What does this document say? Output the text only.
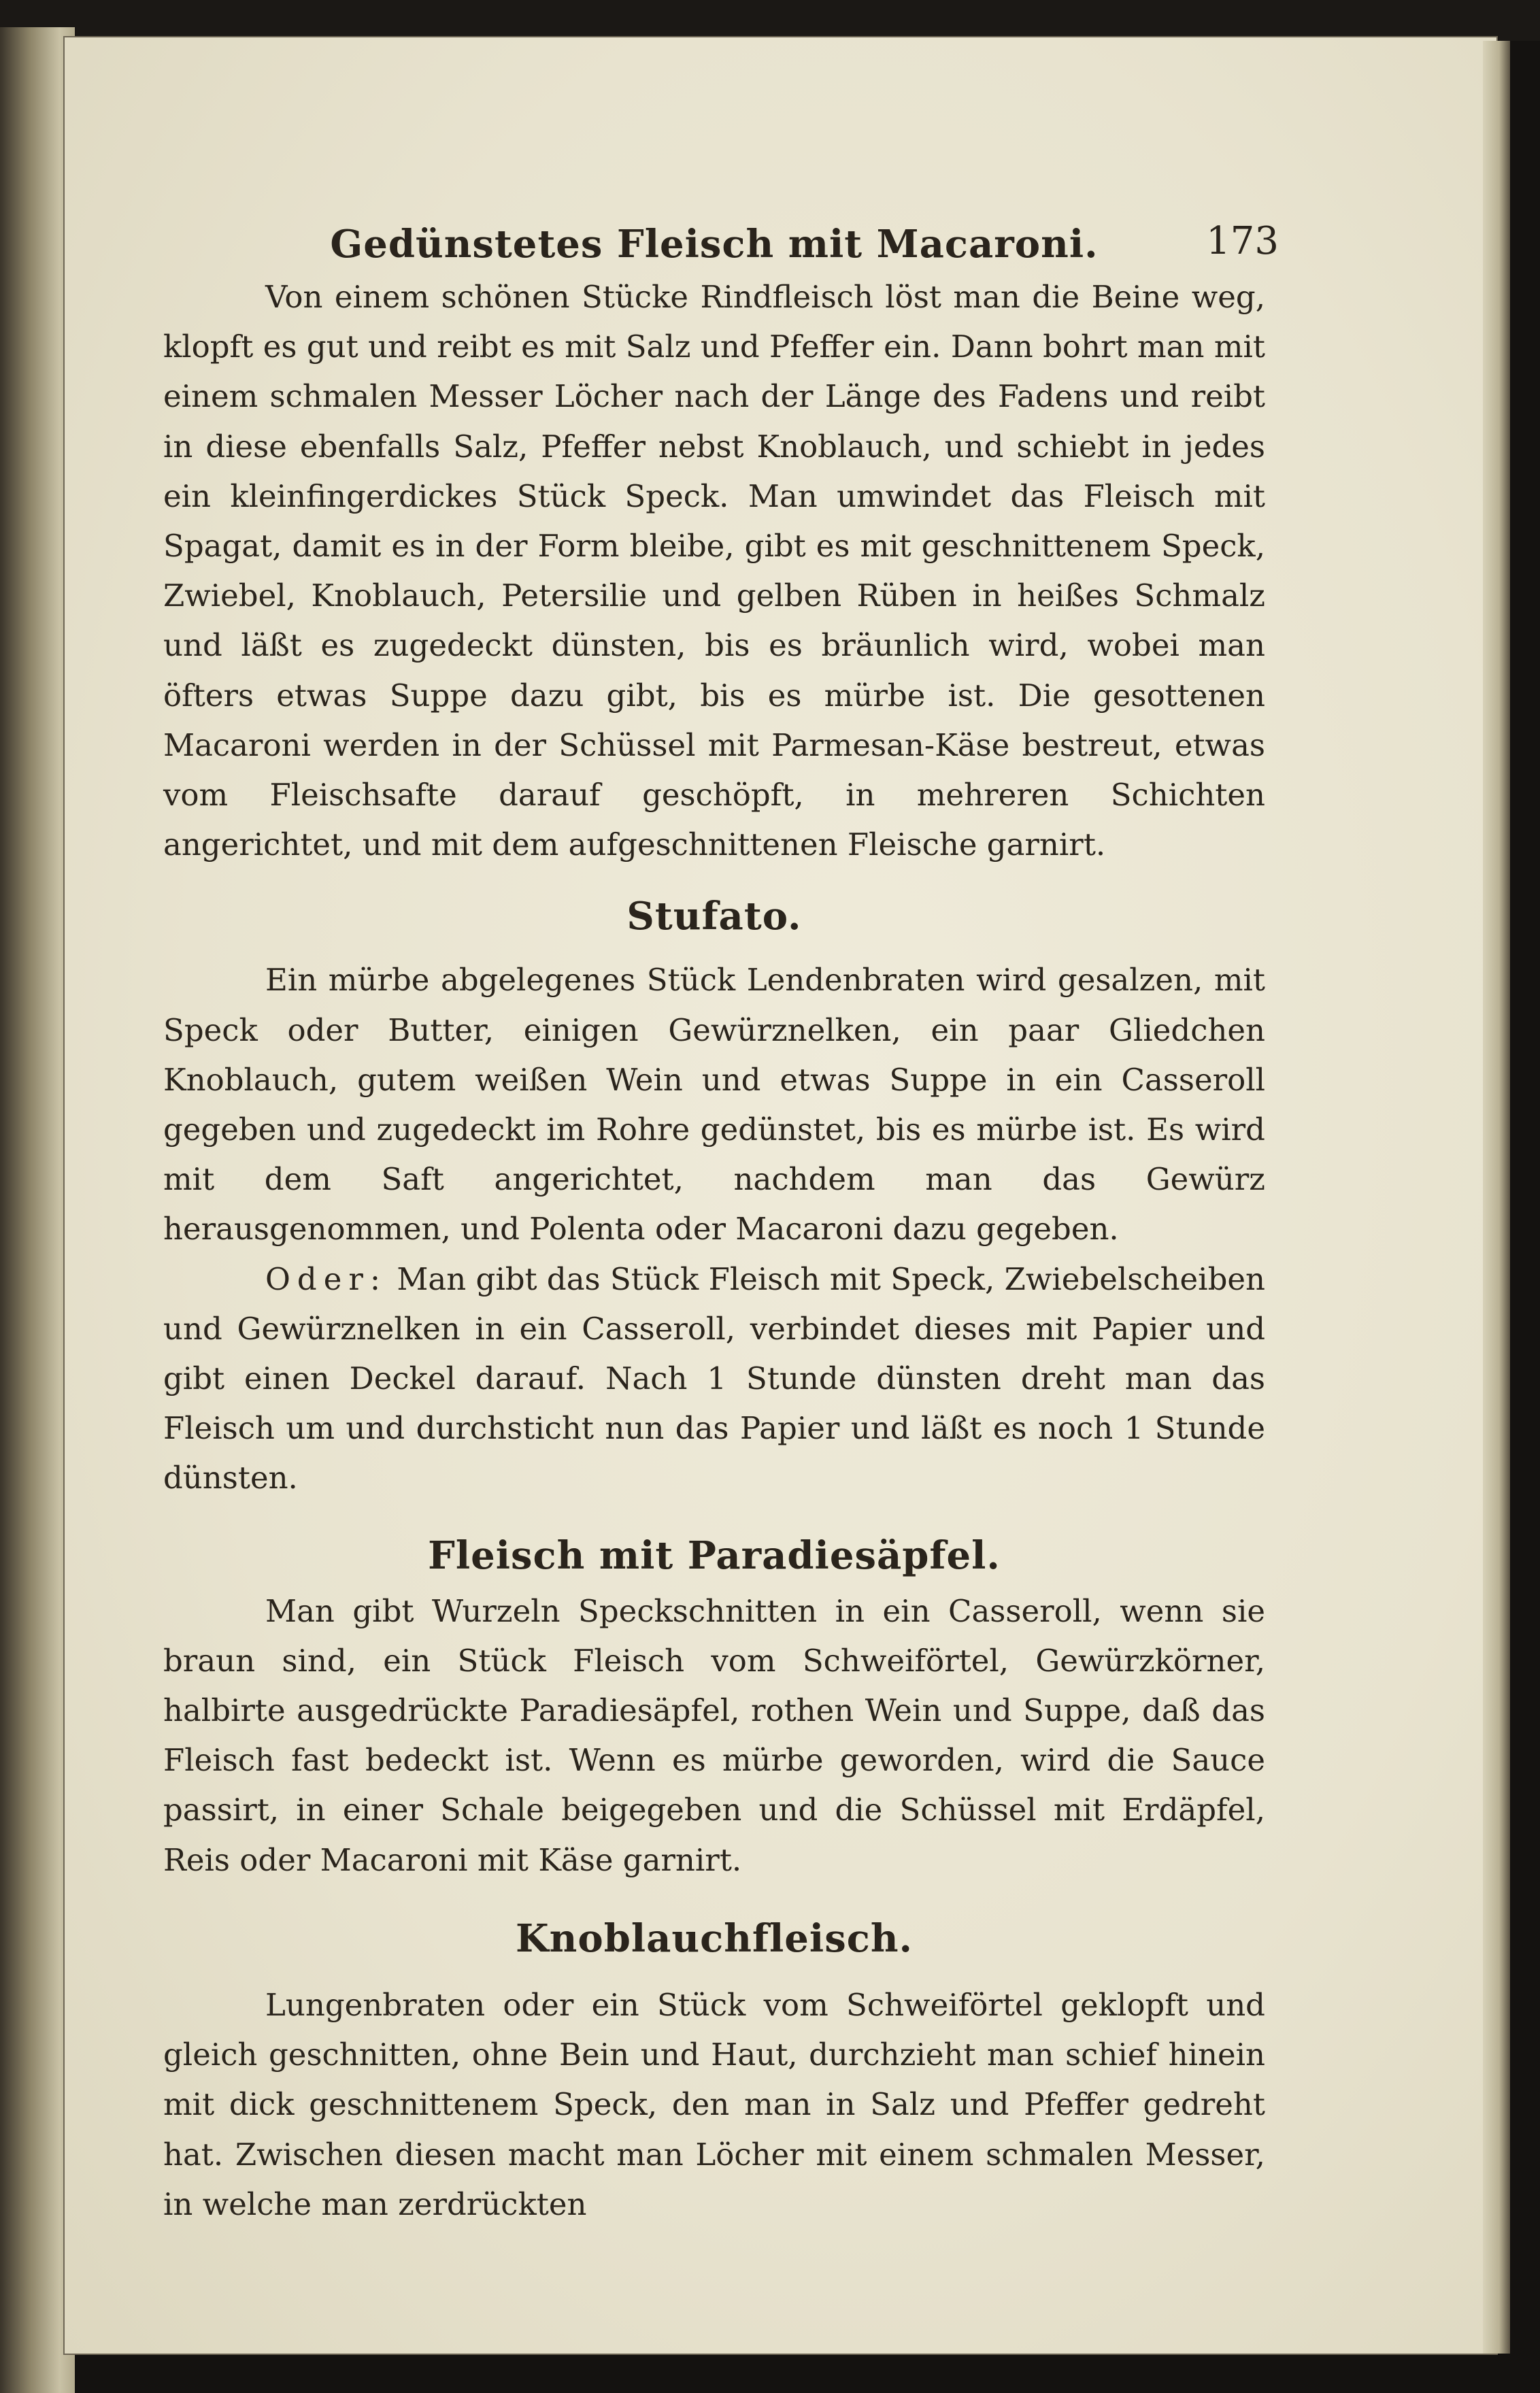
173
Gedünstetes Fleisch mit Macaroni.

Von einem schönen Stücke Rindfleisch löst man die Beine weg, klopft es gut und reibt es mit Salz und Pfeffer ein. Dann bohrt man mit einem schmalen Messer Löcher nach der Länge des Fadens und reibt in diese ebenfalls Salz, Pfeffer nebst Knoblauch, und schiebt in jedes ein kleinfingerdickes Stück Speck. Man umwindet das Fleisch mit Spagat, damit es in der Form bleibe, gibt es mit geschnittenem Speck, Zwiebel, Knoblauch, Petersilie und gelben Rüben in heißes Schmalz und läßt es zugedeckt dünsten, bis es bräunlich wird, wobei man öfters etwas Suppe dazu gibt, bis es mürbe ist. Die gesottenen Macaroni werden in der Schüssel mit Parmesan-Käse bestreut, etwas vom Fleischsafte darauf geschöpft, in mehreren Schichten angerichtet, und mit dem aufgeschnittenen Fleische garnirt.

Stufato.

Ein mürbe abgelegenes Stück Lendenbraten wird gesalzen, mit Speck oder Butter, einigen Gewürznelken, ein paar Gliedchen Knoblauch, gutem weißen Wein und etwas Suppe in ein Casseroll gegeben und zugedeckt im Rohre gedünstet, bis es mürbe ist. Es wird mit dem Saft angerichtet, nachdem man das Gewürz herausgenommen, und Polenta oder Macaroni dazu gegeben.

Oder: Man gibt das Stück Fleisch mit Speck, Zwiebelscheiben und Gewürznelken in ein Casseroll, verbindet dieses mit Papier und gibt einen Deckel darauf. Nach 1 Stunde dünsten dreht man das Fleisch um und durchsticht nun das Papier und läßt es noch 1 Stunde dünsten.

Fleisch mit Paradiesäpfel.

Man gibt Wurzeln Speckschnitten in ein Casseroll, wenn sie braun sind, ein Stück Fleisch vom Schweiförtel, Gewürzkörner, halbirte ausgedrückte Paradiesäpfel, rothen Wein und Suppe, daß das Fleisch fast bedeckt ist. Wenn es mürbe geworden, wird die Sauce passirt, in einer Schale beigegeben und die Schüssel mit Erdäpfel, Reis oder Macaroni mit Käse garnirt.

Knoblauchfleisch.

Lungenbraten oder ein Stück vom Schweiförtel geklopft und gleich geschnitten, ohne Bein und Haut, durchzieht man schief hinein mit dick geschnittenem Speck, den man in Salz und Pfeffer gedreht hat. Zwischen diesen macht man Löcher mit einem schmalen Messer, in welche man zerdrückten
